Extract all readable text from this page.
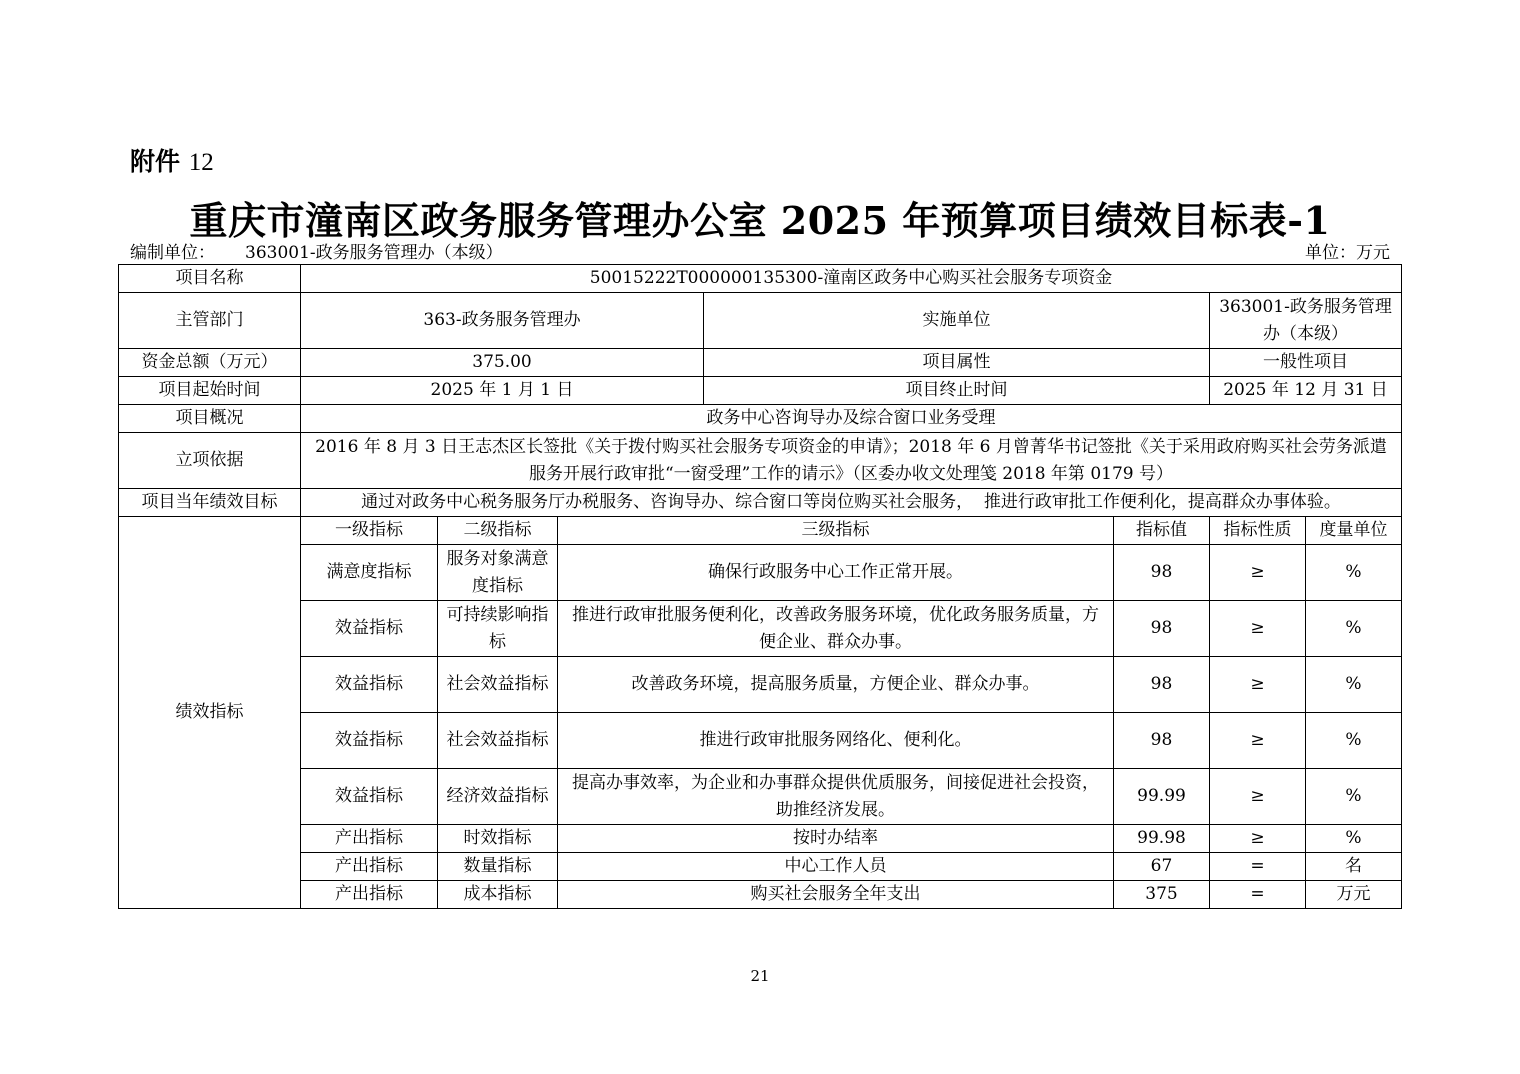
附件 12
重庆市潼南区政务服务管理办公室 2025 年预算项目绩效目标表-1
编制单位： 363001-政务服务管理办（本级）	单位：万元
项目名称	50015222T000000135300-潼南区政务中心购买社会服务专项资金						
主管部门	363-政务服务管理办			实施单位		363001-政务服务管理办（本级）	
资金总额（万元）	375.00			项目属性		一般性项目	
项目起始时间	2025 年 1 月 1 日			项目终止时间		2025 年 12 月 31 日	
项目概况	政务中心咨询导办及综合窗口业务受理						
立项依据	2016 年 8 月 3 日王志杰区长签批《关于拨付购买社会服务专项资金的申请》；2018 年 6 月曾菁华书记签批《关于采用政府购买社会劳务派遣服务开展行政审批“一窗受理”工作的请示》（区委办收文处理笺 2018 年第 0179 号）						
项目当年绩效目标	通过对政务中心税务服务厅办税服务、咨询导办、综合窗口等岗位购买社会服务，  推进行政审批工作便利化，提高群众办事体验。						
绩效指标	一级指标	二级指标	三级指标		指标值	指标性质	度量单位
	满意度指标	服务对象满意度指标	确保行政服务中心工作正常开展。		98	≥	%
	效益指标	可持续影响指标	推进行政审批服务便利化，改善政务服务环境，优化政务服务质量，方便企业、群众办事。		98	≥	%
	效益指标	社会效益指标	改善政务环境，提高服务质量，方便企业、群众办事。		98	≥	%
	效益指标	社会效益指标	推进行政审批服务网络化、便利化。		98	≥	%
	效益指标	经济效益指标	提高办事效率，为企业和办事群众提供优质服务，间接促进社会投资，助推经济发展。		99.99	≥	%
	产出指标	时效指标	按时办结率		99.98	≥	%
	产出指标	数量指标	中心工作人员		67	=	名
	产出指标	成本指标	购买社会服务全年支出		375	=	万元
21
